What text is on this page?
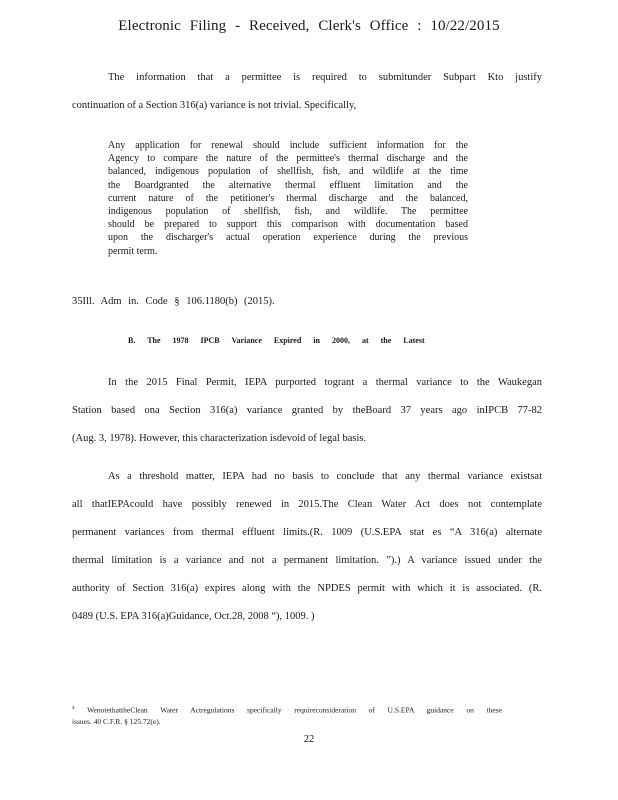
Electronic Filing - Received, Clerk's Office : 10/22/2015
The information that a permittee is required to submitunder Subpart Kto justify
continuation of a Section 316(a) variance is not trivial. Specifically,
Any application for renewal should include sufficient information for the
Agency to compare the nature of the permittee's thermal discharge and the
balanced, indigenous population of shellfish, fish, and wildlife at the time
the Boardgranted the alternative thermal effluent limitation and the
current nature of the petitioner's thermal discharge and the balanced,
indigenous population of shellfish, fish, and wildlife. The permittee
should be prepared to support this comparison with documentation based
upon the discharger's actual operation experience during the previous
permit term.
35Ill. Adm in. Code § 106.1180(b) (2015).
B. The 1978 IPCB Variance Expired in 2000, at the Latest
In the 2015 Final Permit, IEPA purported togrant a thermal variance to the Waukegan
Station based ona Section 316(a) variance granted by theBoard 37 years ago inIPCB 77-82
(Aug. 3, 1978). However, this characterization isdevoid of legal basis.
As a threshold matter, IEPA had no basis to conclude that any thermal variance existsat
all thatIEPAcould have possibly renewed in 2015.The Clean Water Act does not contemplate
permanent variances from thermal effluent limits.(R. 1009 (U.S.EPA stat es “A 316(a) alternate
thermal limitation is a variance and not a permanent limitation. ”).) A variance issued under the
authority of Section 316(a) expires along with the NPDES permit with which it is associated. (R.
0489 (U.S. EPA 316(a)Guidance, Oct.28, 2008 “), 1009. )
$^4$ WenotethattheClean Water Actregulations specifically requireconsideration of U.S.EPA guidance on these
issues. 40 C.F.R. § 125.72(e).
22
